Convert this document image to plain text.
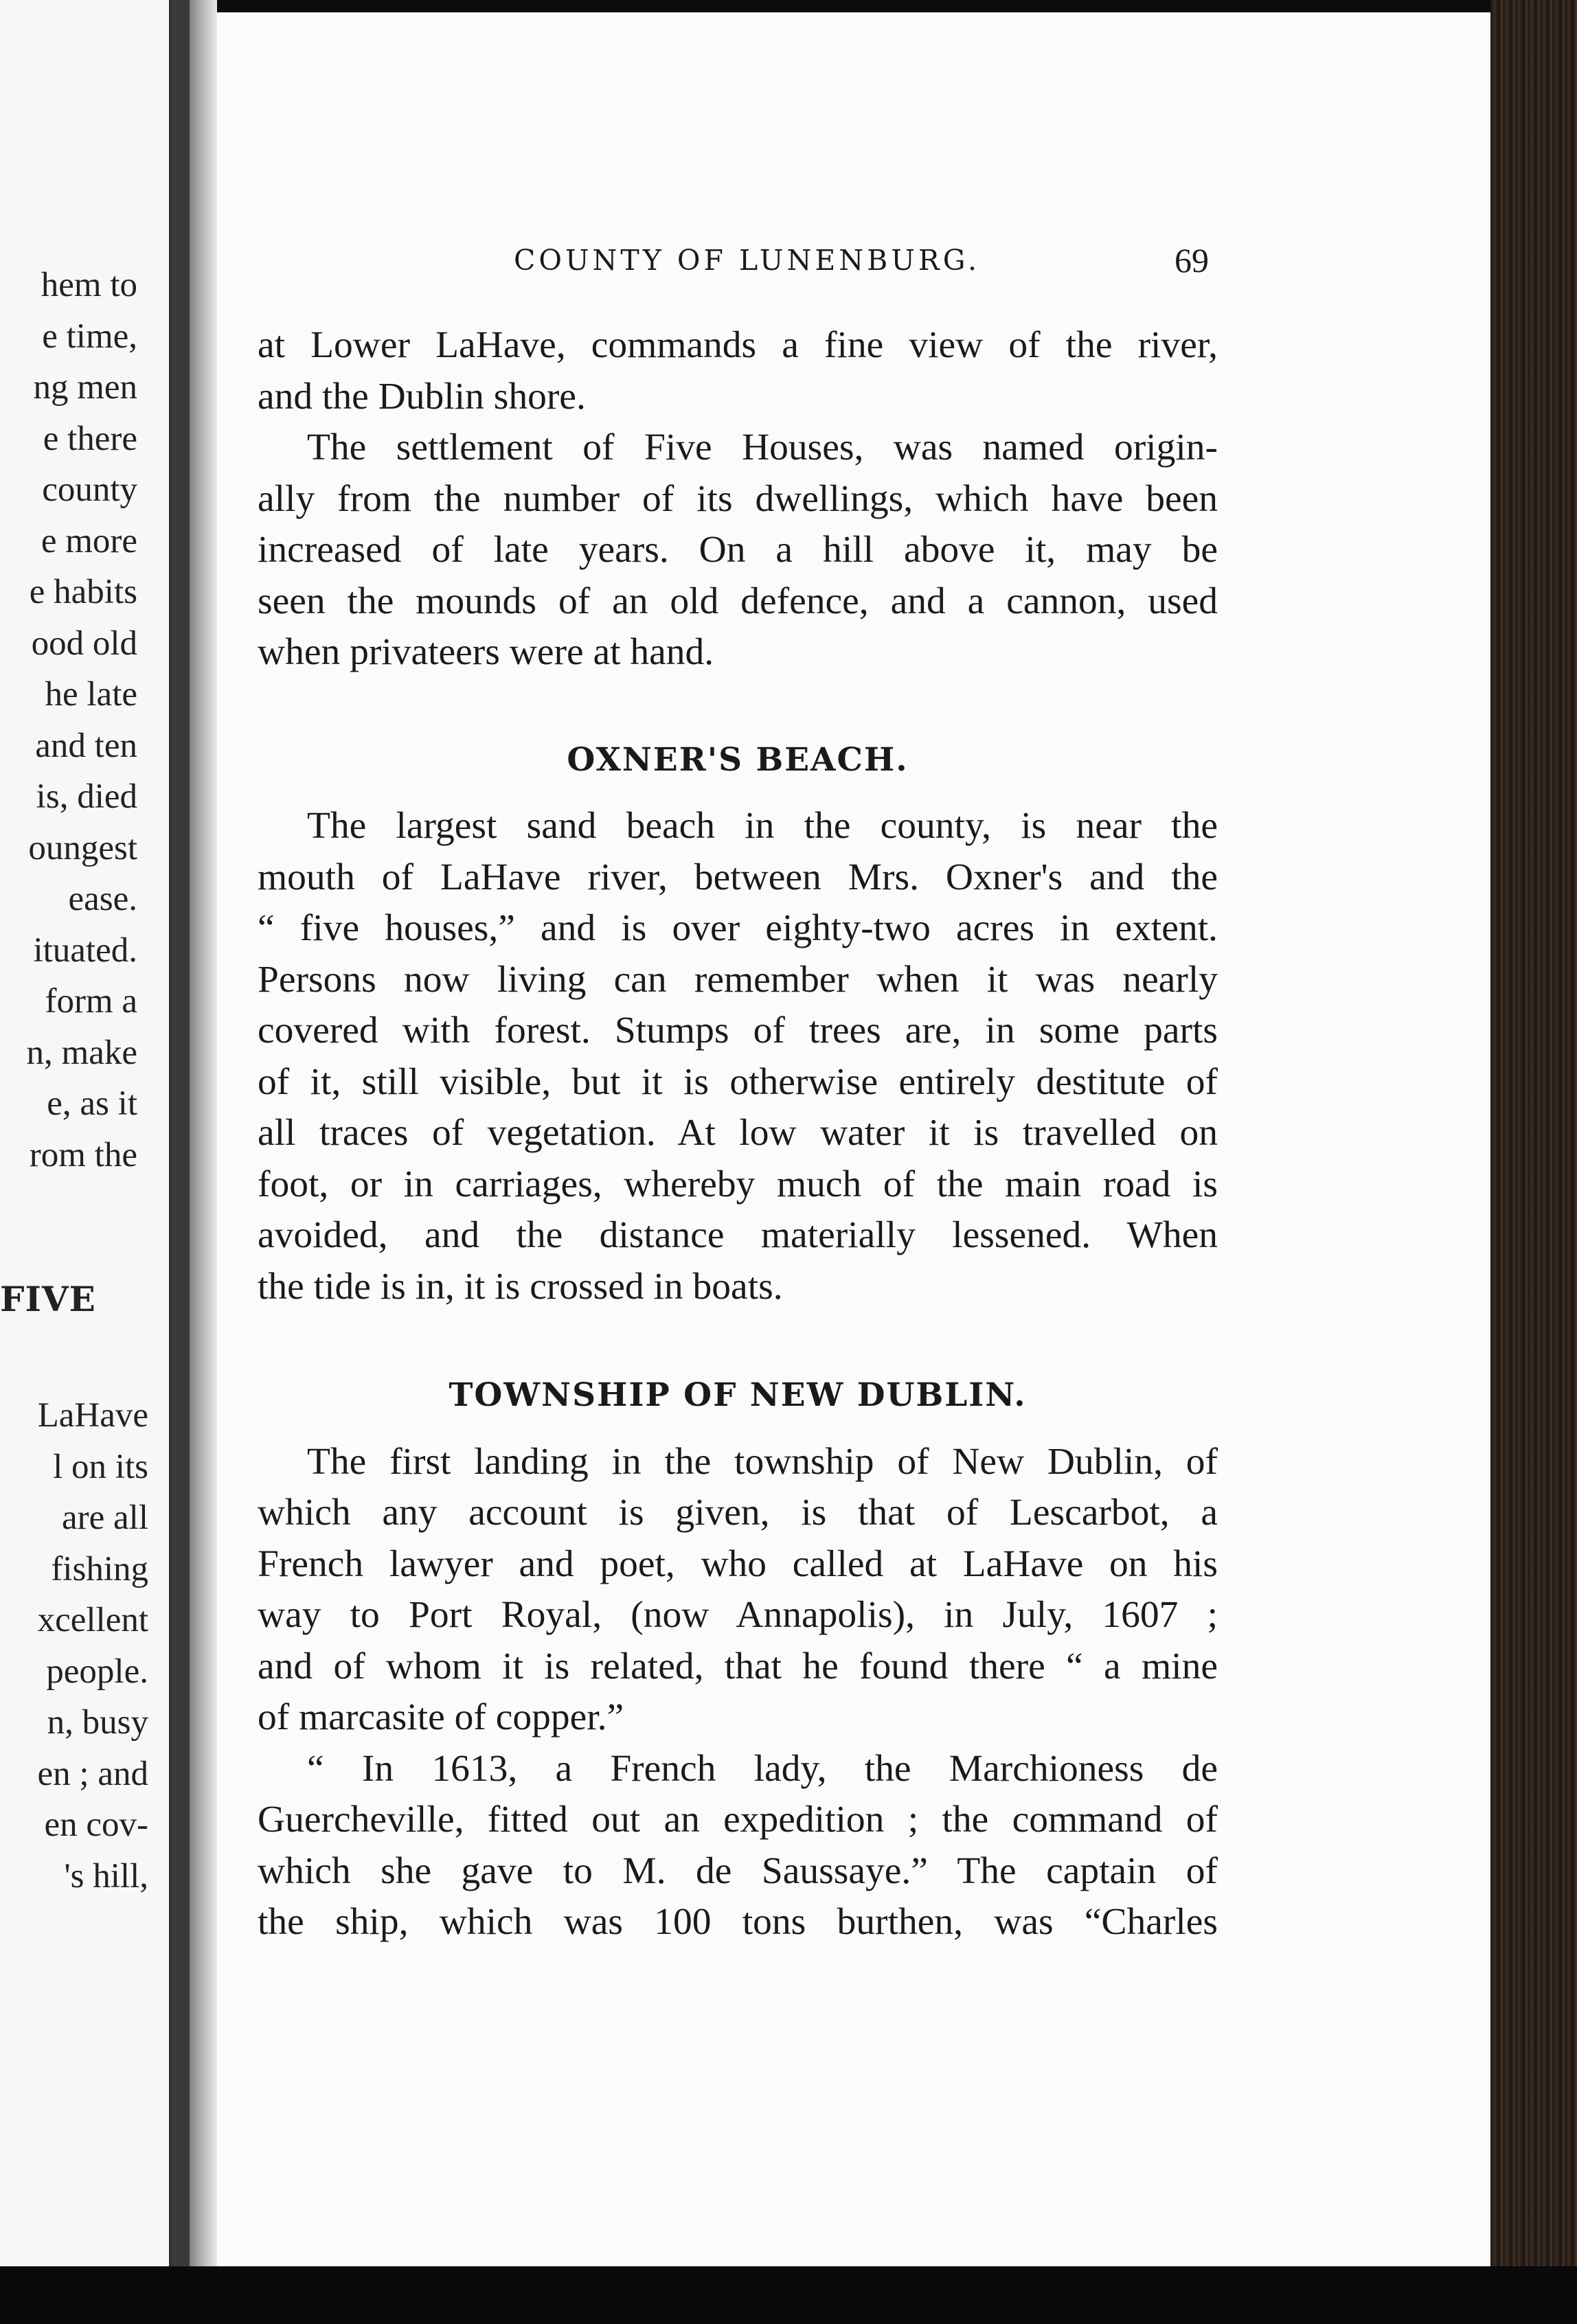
hem to
e time,
ng men
e there
county
e more
e habits
ood old
he late
and ten
is, died
oungest
ease.
ituated.
form a
n, make
e, as it
rom the
FIVE
LaHave
l on its
are all
fishing
xcellent
people.
n, busy
en ; and
en cov-
's hill,
COUNTY OF LUNENBURG.	69

at Lower LaHave, commands a fine view of the river,
and the Dublin shore.

The settlement of Five Houses, was named origin-
ally from the number of its dwellings, which have been
increased of late years. On a hill above it, may be
seen the mounds of an old defence, and a cannon, used
when privateers were at hand.

OXNER'S BEACH.

The largest sand beach in the county, is near the
mouth of LaHave river, between Mrs. Oxner's and the
“ five houses,” and is over eighty-two acres in extent.
Persons now living can remember when it was nearly
covered with forest. Stumps of trees are, in some parts
of it, still visible, but it is otherwise entirely destitute of
all traces of vegetation. At low water it is travelled on
foot, or in carriages, whereby much of the main road is
avoided, and the distance materially lessened. When
the tide is in, it is crossed in boats.

TOWNSHIP OF NEW DUBLIN.

The first landing in the township of New Dublin, of
which any account is given, is that of Lescarbot, a
French lawyer and poet, who called at LaHave on his
way to Port Royal, (now Annapolis), in July, 1607 ;
and of whom it is related, that he found there “ a mine
of marcasite of copper.”

“ In 1613, a French lady, the Marchioness de
Guercheville, fitted out an expedition ; the command of
which she gave to M. de Saussaye.” The captain of
the ship, which was 100 tons burthen, was “Charles
